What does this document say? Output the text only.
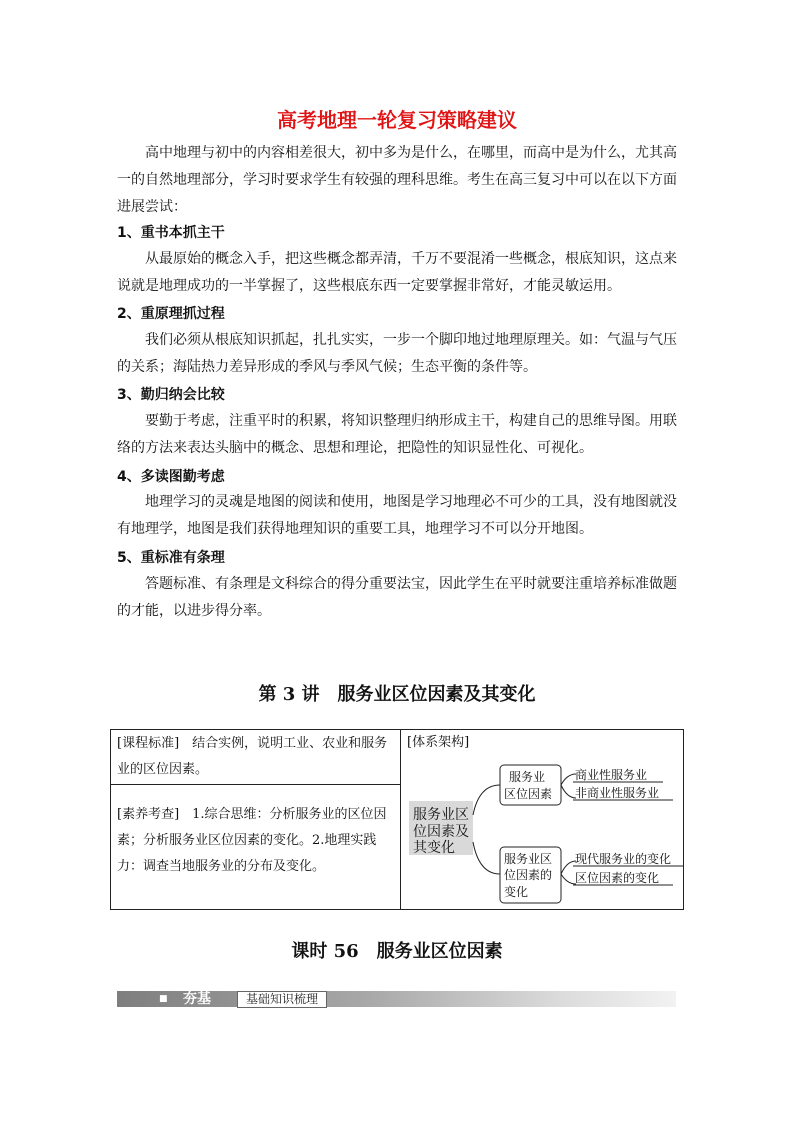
高考地理一轮复习策略建议

高中地理与初中的内容相差很大，初中多为是什么，在哪里，而高中是为什么，尤其高一的自然地理部分，学习时要求学生有较强的理科思维。考生在高三复习中可以在以下方面进展尝试：

1、重书本抓主干

从最原始的概念入手，把这些概念都弄清，千万不要混淆一些概念，根底知识，这点来说就是地理成功的一半掌握了，这些根底东西一定要掌握非常好，才能灵敏运用。

2、重原理抓过程

我们必须从根底知识抓起，扎扎实实，一步一个脚印地过地理原理关。如：气温与气压的关系；海陆热力差异形成的季风与季风气候；生态平衡的条件等。

3、勤归纳会比较

要勤于考虑，注重平时的积累，将知识整理归纳形成主干，构建自己的思维导图。用联络的方法来表达头脑中的概念、思想和理论，把隐性的知识显性化、可视化。

4、多读图勤考虑

地理学习的灵魂是地图的阅读和使用，地图是学习地理必不可少的工具，没有地图就没有地理学，地图是我们获得地理知识的重要工具，地理学习不可以分开地图。

5、重标准有条理

答题标准、有条理是文科综合的得分重要法宝，因此学生在平时就要注重培养标准做题的才能，以进步得分率。

第 3 讲　服务业区位因素及其变化

[课程标准]　结合实例，说明工业、农业和服务业的区位因素。

[素养考查]　1.综合思维：分析服务业的区位因素；分析服务业区位因素的变化。2.地理实践力：调查当地服务业的分布及变化。

[体系架构]

服务业区
位因素及
其变化
服务业
区位因素
服务业区
位因素的
变化
商业性服务业
非商业性服务业
现代服务业的变化
区位因素的变化
课时 56　服务业区位因素
■ 夯基	基础知识梳理
